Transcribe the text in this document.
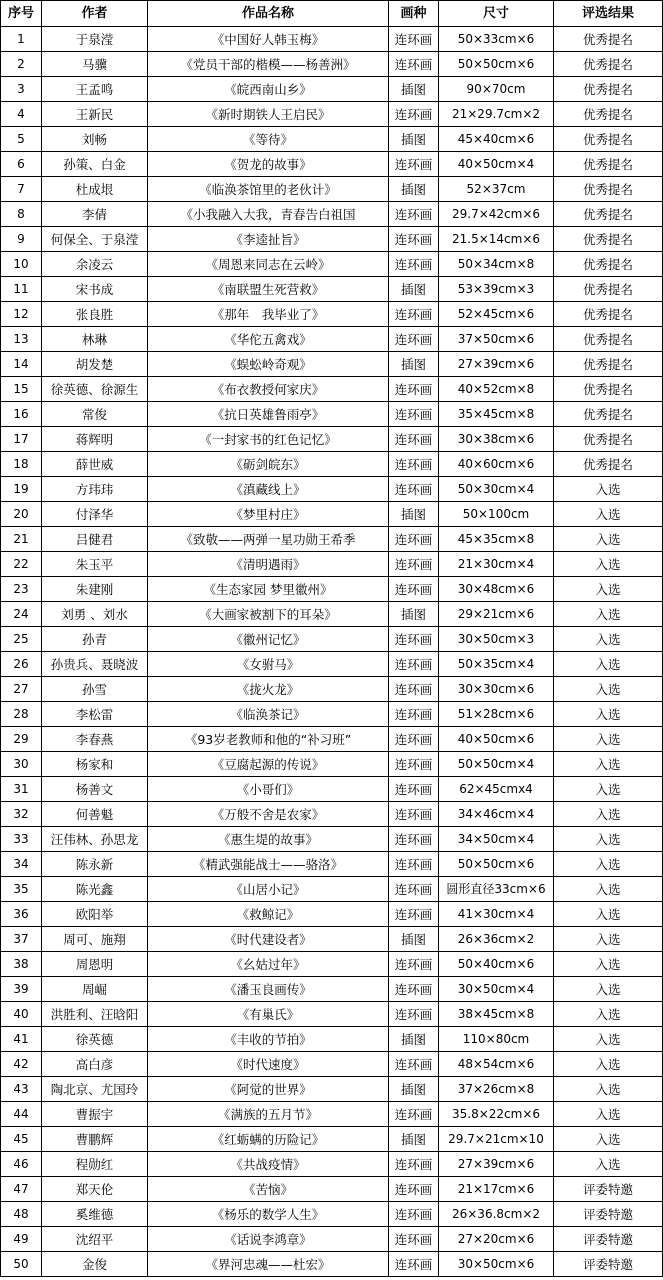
序号	作者	作品名称	画种	尺寸	评选结果
1	于泉滢	《中国好人韩玉梅》	连环画	50×33cm×6	优秀提名
2	马骥	《党员干部的楷模——杨善洲》	连环画	50×50cm×6	优秀提名
3	王孟鸣	《皖西南山乡》	插图	90×70cm	优秀提名
4	王新民	《新时期铁人王启民》	连环画	21×29.7cm×2	优秀提名
5	刘畅	《等待》	插图	45×40cm×6	优秀提名
6	孙策、白金	《贺龙的故事》	连环画	40×50cm×4	优秀提名
7	杜成垠	《临涣茶馆里的老伙计》	插图	52×37cm	优秀提名
8	李倩	《小我融入大我，青春告白祖国	连环画	29.7×42cm×6	优秀提名
9	何保全、于泉滢	《李逵扯旨》	连环画	21.5×14cm×6	优秀提名
10	余凌云	《周恩来同志在云岭》	连环画	50×34cm×8	优秀提名
11	宋书成	《南联盟生死营救》	插图	53×39cm×3	优秀提名
12	张良胜	《那年　我毕业了》	连环画	52×45cm×6	优秀提名
13	林琳	《华佗五禽戏》	连环画	37×50cm×6	优秀提名
14	胡发楚	《蜈蚣岭奇观》	插图	27×39cm×6	优秀提名
15	徐英德、徐源生	《布衣教授何家庆》	连环画	40×52cm×8	优秀提名
16	常俊	《抗日英雄鲁雨亭》	连环画	35×45cm×8	优秀提名
17	蒋辉明	《一封家书的红色记忆》	连环画	30×38cm×6	优秀提名
18	薛世威	《砺剑皖东》	连环画	40×60cm×6	优秀提名
19	方玮玮	《滇藏线上》	连环画	50×30cm×4	入选
20	付泽华	《梦里村庄》	插图	50×100cm	入选
21	吕健君	《致敬——两弹一星功勋王希季	连环画	45×35cm×8	入选
22	朱玉平	《清明遇雨》	连环画	21×30cm×4	入选
23	朱建刚	《生态家园 梦里徽州》	连环画	30×48cm×6	入选
24	刘勇 、刘水	《大画家被割下的耳朵》	插图	29×21cm×6	入选
25	孙青	《徽州记忆》	连环画	30×50cm×3	入选
26	孙贵兵、聂晓波	《女驸马》	连环画	50×35cm×4	入选
27	孙雪	《拢火龙》	连环画	30×30cm×6	入选
28	李松雷	《临涣茶记》	连环画	51×28cm×6	入选
29	李春燕	《93岁老教师和他的“补习班”	连环画	40×50cm×6	入选
30	杨家和	《豆腐起源的传说》	连环画	50×50cm×4	入选
31	杨善文	《小哥们》	连环画	62×45cmx4	入选
32	何善魁	《万般不舍是农家》	连环画	34×46cm×4	入选
33	汪伟林、孙思龙	《惠生堤的故事》	连环画	34×50cm×4	入选
34	陈永新	《精武强能战士——骆洛》	连环画	50×50cm×6	入选
35	陈光鑫	《山居小记》	连环画	圆形直径33cm×6	入选
36	欧阳举	《救鲸记》	连环画	41×30cm×4	入选
37	周可、施翔	《时代建设者》	插图	26×36cm×2	入选
38	周恩明	《幺姑过年》	连环画	50×40cm×6	入选
39	周崛	《潘玉良画传》	连环画	30×50cm×4	入选
40	洪胜利、汪晗阳	《有巢氏》	连环画	38×45cm×8	入选
41	徐英德	《丰收的节拍》	插图	110×80cm	入选
42	高白彦	《时代速度》	连环画	48×54cm×6	入选
43	陶北京、尤国玲	《阿觉的世界》	插图	37×26cm×8	入选
44	曹振宇	《满族的五月节》	连环画	35.8×22cm×6	入选
45	曹鹏辉	《红蛎螨的历险记》	插图	29.7×21cm×10	入选
46	程勋红	《共战疫情》	连环画	27×39cm×6	入选
47	郑天伦	《苦恼》	连环画	21×17cm×6	评委特邀
48	奚维德	《杨乐的数学人生》	连环画	26×36.8cm×2	评委特邀
49	沈绍平	《话说李鸿章》	连环画	27×20cm×6	评委特邀
50	金俊	《界河忠魂——杜宏》	连环画	30×50cm×6	评委特邀
